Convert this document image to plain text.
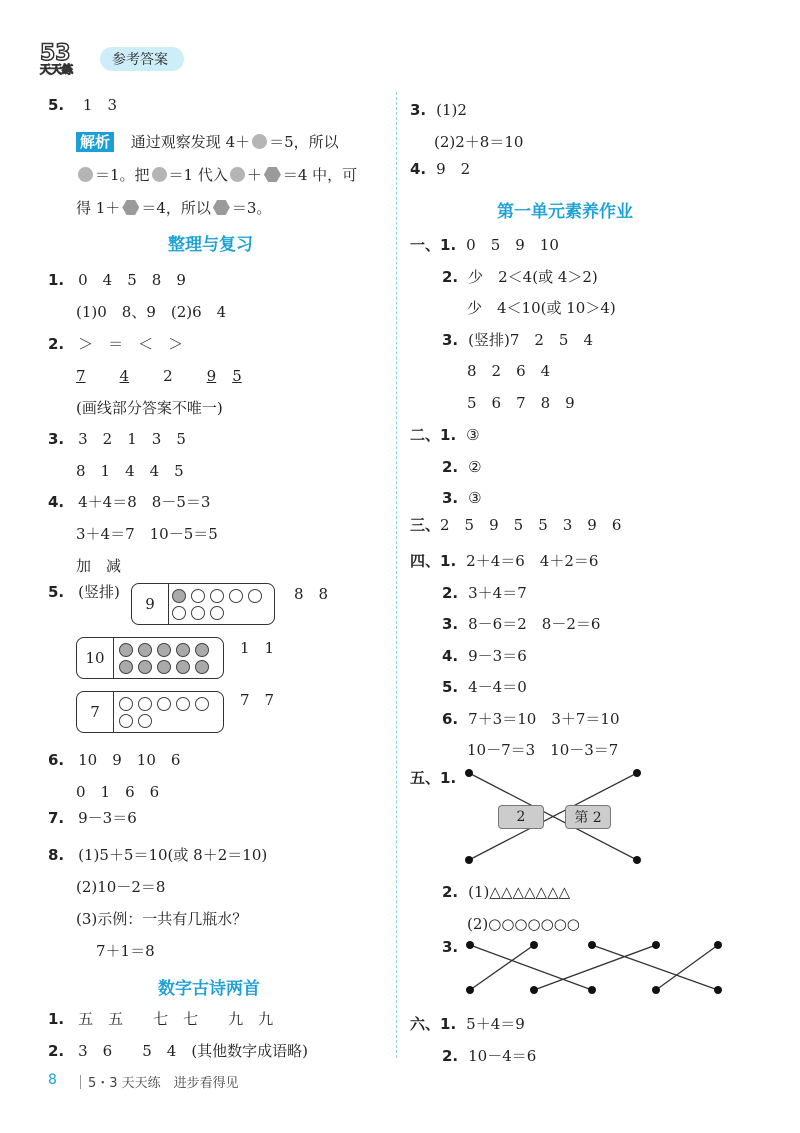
53
天天练
参考答案
5. 1　3
解析 通过观察发现 4＋ ＝5，所以
＝1。把 ＝1 代入 ＋ ＝4 中，可
得 1＋ ＝4，所以 ＝3。
整理与复习
1. 0　4　5　8　9
(1)0　8、9　(2)6　4
2. ＞　＝　＜　＞
7 4 2 9 5
(画线部分答案不唯一)
3. 3　2　1　3　5
8　1　4　4　5
4. 4＋4＝8　8－5＝3
3＋4＝7　10－5＝5
加　减
5. (竖排)
9
8　8
10
1　1
7
7　7
6. 10　9　10　6
0　1　6　6
7. 9－3＝6
8. (1)5＋5＝10(或 8＋2＝10)
(2)10－2＝8
(3)示例：一共有几瓶水？
7＋1＝8
数字古诗两首
1. 五　五　　七　七　　九　九
2. 3　6　　5　4　(其他数字成语略)
3. (1)2
(2)2＋8＝10
4. 9　2
第一单元素养作业
一、1. 0　5　9　10
2. 少　2＜4(或 4＞2)
少　4＜10(或 10＞4)
3. (竖排)7　2　5　4
8　2　6　4
5　6　7　8　9
二、1. ③
2. ②
3. ③
三、2　5　9　5　5　3　9　6
四、1. 2＋4＝6　4＋2＝6
2. 3＋4＝7
3. 8－6＝2　8－2＝6
4. 9－3＝6
5. 4－4＝0
6. 7＋3＝10　3＋7＝10
10－7＝3　10－3＝7
五、1.
2	第 2
2. (1)△△△△△△△
(2)○○○○○○○
3.
六、1. 5＋4＝9
2. 10－4＝6
8 5・3 天天练　进步看得见
